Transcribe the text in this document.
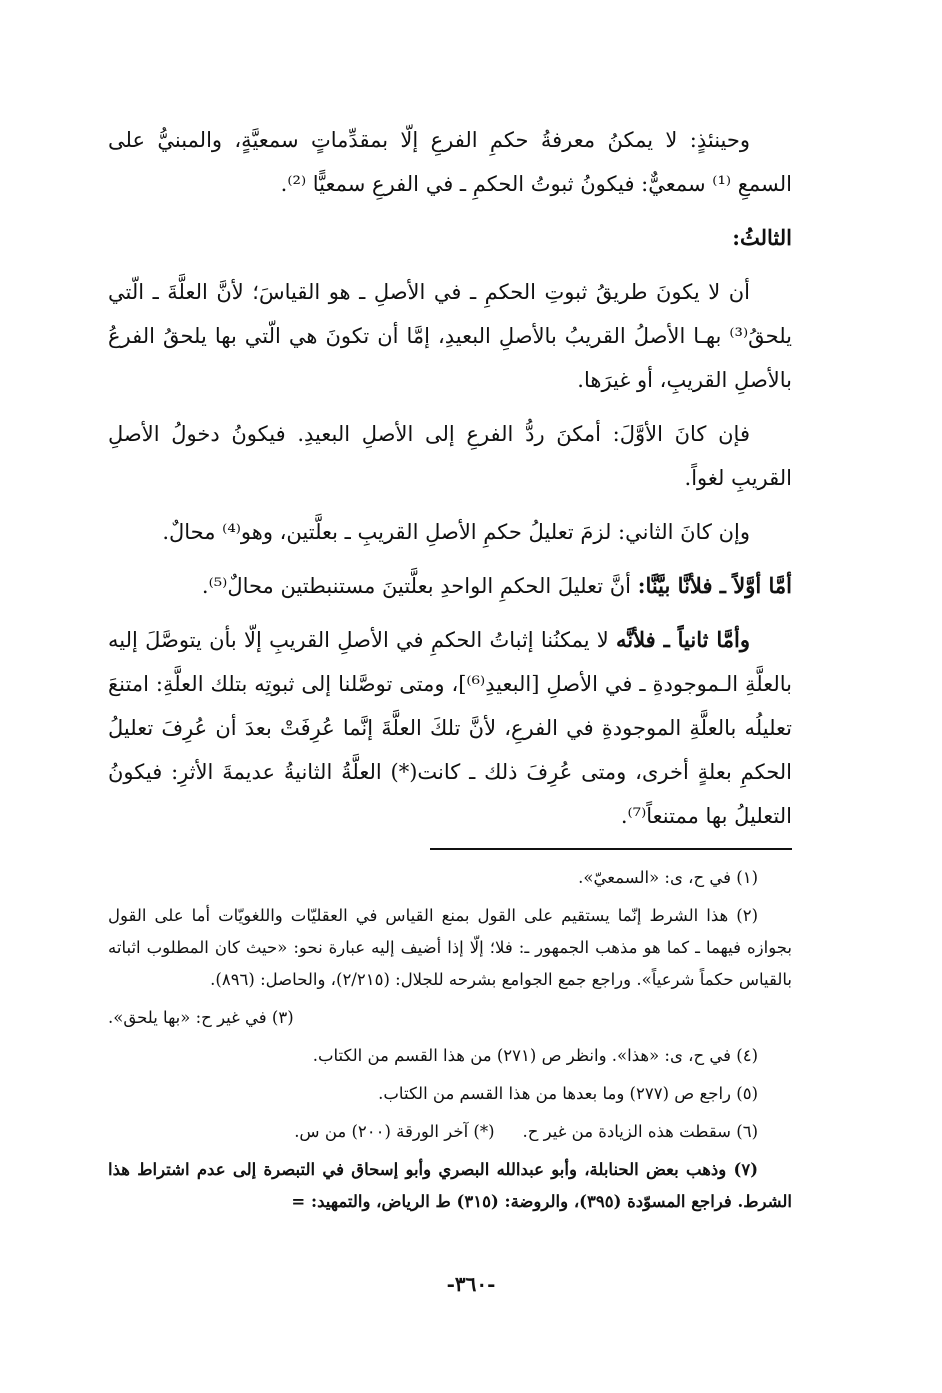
وحينئذٍ: لا يمكنُ معرفةُ حكمِ الفرعِ إلّا بمقدِّماتٍ سمعيَّةٍ، والمبنيُّ على السمعِ ⁽¹⁾ سمعيٌّ: فيكونُ ثبوتُ الحكمِ ـ في الفرعِ سمعيًّا ⁽²⁾.

الثالثُ:

أن لا يكونَ طريقُ ثبوتِ الحكمِ ـ في الأصلِ ـ هو القياسَ؛ لأنَّ العلَّةَ ـ الّتي يلحقُ⁽³⁾ بهـا الأصلُ القريبُ بالأصلِ البعيدِ، إمَّا أن تكونَ هي الّتي بها يلحقُ الفرعُ بالأصلِ القريبِ، أو غيرَها.

فإن كانَ الأوَّلَ: أمكنَ ردُّ الفرعِ إلى الأصلِ البعيدِ. فيكونُ دخولُ الأصلِ القريبِ لغواً.

وإن كانَ الثاني: لزمَ تعليلُ حكمِ الأصلِ القريبِ ـ بعلَّتين، وهو⁽⁴⁾ محالٌ.

أمَّا أوَّلاً ـ فلأنَّا بيَّنَّا: أنَّ تعليلَ الحكمِ الواحدِ بعلَّتينَ مستنبطتين محالٌ⁽⁵⁾.

وأمَّا ثانياً ـ فلأنَّه لا يمكنُنا إثباتُ الحكمِ في الأصلِ القريبِ إلّا بأن يتوصَّلَ إليه بالعلَّةِ الـموجودةِ ـ في الأصلِ [البعيدِ⁽⁶⁾]، ومتى توصَّلنا إلى ثبوتِه بتلك العلَّةِ: امتنعَ تعليلُه بالعلَّةِ الموجودةِ في الفرعِ، لأنَّ تلكَ العلَّةَ إنَّما عُرِفَتْ بعدَ أن عُرِفَ تعليلُ الحكمِ بعلةٍ أخرى، ومتى عُرِفَ ذلك ـ كانت(*) العلَّةُ الثانيةُ عديمةَ الأثرِ: فيكونُ التعليلُ بها ممتنعاً⁽⁷⁾.

(١) في ح، ى: «السمعيّ».

(٢) هذا الشرط إنّما يستقيم على القول بمنع القياس في العقليّات واللغويّات أما على القول بجوازه فيهما ـ كما هو مذهب الجمهور ـ: فلا؛ إلّا إذا أضيف إليه عبارة نحو: «حيث كان المطلوب اثباته بالقياس حكماً شرعياً». وراجع جمع الجوامع بشرحه للجلال: (٢/٢١٥)، والحاصل: (٨٩٦).

(٣) في غير ح: «بها يلحق».

(٤) في ح، ى: «هذا». وانظر ص (٢٧١) من هذا القسم من الكتاب.

(٥) راجع ص (٢٧٧) وما بعدها من هذا القسم من الكتاب.

(٦) سقطت هذه الزيادة من غير ح.
(*) آخر الورقة (٢٠٠) من س.

(٧) وذهب بعض الحنابلة، وأبو عبدالله البصري وأبو إسحاق في التبصرة إلى عدم اشتراط هذا الشرط. فراجع المسوّدة (٣٩٥)، والروضة: (٣١٥) ط الرياض، والتمهيد: =

-٣٦٠-
